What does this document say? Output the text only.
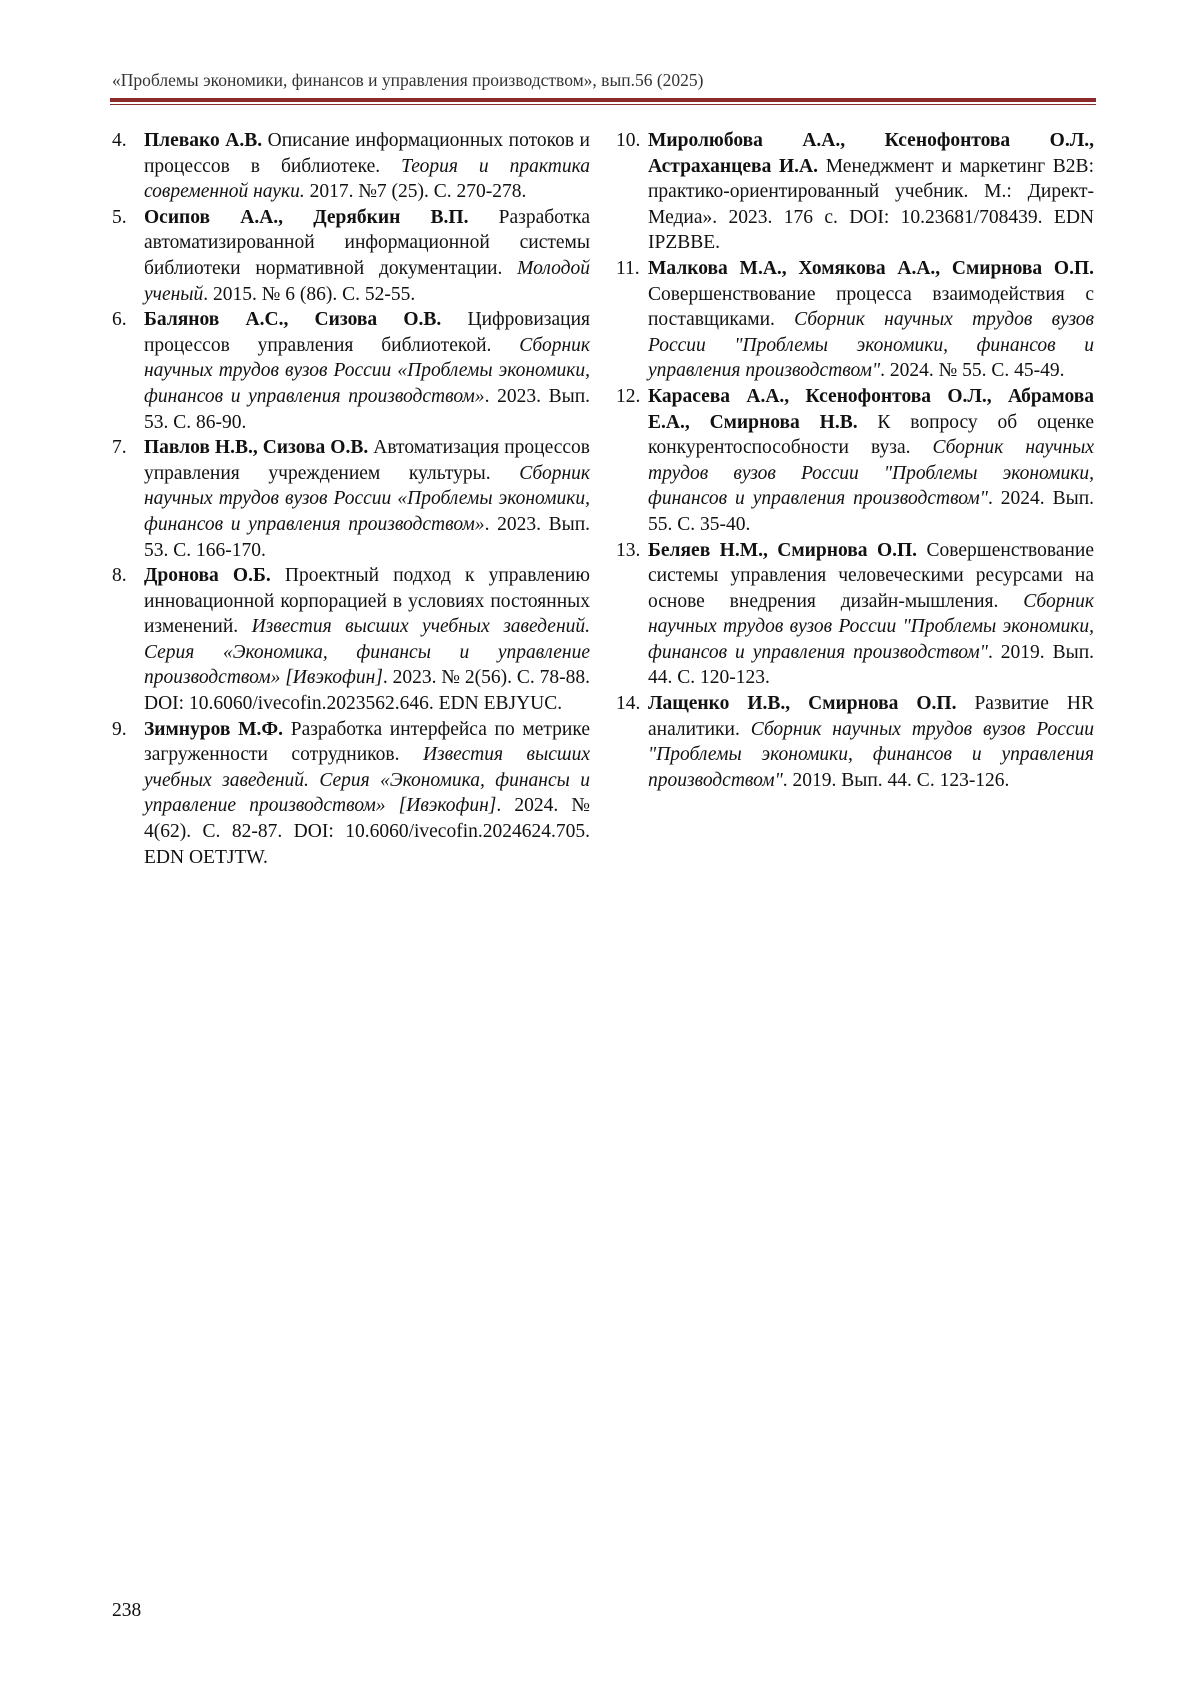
«Проблемы экономики, финансов и управления производством», вып.56 (2025)
4. Плевако А.В. Описание информационных потоков и процессов в библиотеке. Теория и практика современной науки. 2017. №7 (25). С. 270-278.
5. Осипов А.А., Дерябкин В.П. Разработка автоматизированной информационной системы библиотеки нормативной документации. Молодой ученый. 2015. № 6 (86). С. 52-55.
6. Балянов А.С., Сизова О.В. Цифровизация процессов управления библиотекой. Сборник научных трудов вузов России «Проблемы экономики, финансов и управления производством». 2023. Вып. 53. С. 86-90.
7. Павлов Н.В., Сизова О.В. Автоматизация процессов управления учреждением культуры. Сборник научных трудов вузов России «Проблемы экономики, финансов и управления производством». 2023. Вып. 53. С. 166-170.
8. Дронова О.Б. Проектный подход к управлению инновационной корпорацией в условиях постоянных изменений. Известия высших учебных заведений. Серия «Экономика, финансы и управление производством» [Ивэкофин]. 2023. № 2(56). С. 78-88. DOI: 10.6060/ivecofin.2023562.646. EDN EBJYUC.
9. Зимнуров М.Ф. Разработка интерфейса по метрике загруженности сотрудников. Известия высших учебных заведений. Серия «Экономика, финансы и управление производством» [Ивэкофин]. 2024. № 4(62). С. 82-87. DOI: 10.6060/ivecofin.2024624.705. EDN OETJTW.
10. Миролюбова А.А., Ксенофонтова О.Л., Астраханцева И.А. Менеджмент и маркетинг B2B: практико-ориентированный учебник. М.: Директ-Медиа». 2023. 176 с. DOI: 10.23681/708439. EDN IPZBBE.
11. Малкова М.А., Хомякова А.А., Смирнова О.П. Совершенствование процесса взаимодействия с поставщиками. Сборник научных трудов вузов России "Проблемы экономики, финансов и управления производством". 2024. № 55. С. 45-49.
12. Карасева А.А., Ксенофонтова О.Л., Абрамова Е.А., Смирнова Н.В. К вопросу об оценке конкурентоспособности вуза. Сборник научных трудов вузов России "Проблемы экономики, финансов и управления производством". 2024. Вып. 55. С. 35-40.
13. Беляев Н.М., Смирнова О.П. Совершенствование системы управления человеческими ресурсами на основе внедрения дизайн-мышления. Сборник научных трудов вузов России "Проблемы экономики, финансов и управления производством". 2019. Вып. 44. С. 120-123.
14. Лащенко И.В., Смирнова О.П. Развитие HR аналитики. Сборник научных трудов вузов России "Проблемы экономики, финансов и управления производством". 2019. Вып. 44. С. 123-126.
238
